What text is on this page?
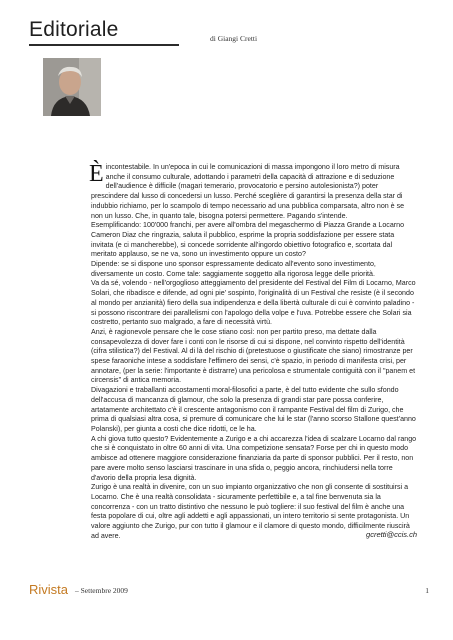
Editoriale	di Giangi Cretti
È incontestabile. In un'epoca in cui le comunicazioni di massa impongono il loro metro di misura anche il consumo culturale, adottando i parametri della capacità di attrazione e di seduzione dell'audience è difficile (magari temerario, provocatorio e persino autolesionista?) poter prescindere dal lusso di concedersi un lusso. Perché sceglière di garantirsi la presenza della star di indubbio richiamo, per lo scampolo di tempo necessario ad una pubblica comparsata, altro non è se non un lusso. Che, in quanto tale, bisogna potersi permettere. Pagando s'intende.

Esemplificando: 100'000 franchi, per avere all'ombra del megaschermo di Piazza Grande a Locarno Cameron Diaz che ringrazia, saluta il pubblico, esprime la propria soddisfazione per essere stata invitata (e ci mancherebbe), si concede sorridente all'ingordo obiettivo fotografico e, scortata dal meritato applauso, se ne va, sono un investimento oppure un costo?

Dipende: se si dispone uno sponsor espressamente dedicato all'evento sono investimento, diversamente un costo. Come tale: saggiamente soggetto alla rigorosa legge delle priorità.

Va da sé, volendo - nell'orgoglioso atteggiamento del presidente del Festival del Film di Locarno, Marco Solari, che ribadisce e difende, ad ogni pie' sospinto, l'originalità di un Festival che resiste (è il secondo al mondo per anzianità) fiero della sua indipendenza e della libertà culturale di cui è convinto paladino - si possono riscontrare dei parallelismi con l'apologo della volpe e l'uva. Potrebbe essere che Solari sia costretto, pertanto suo malgrado, a fare di necessità virtù.

Anzi, è ragionevole pensare che le cose stiano così: non per partito preso, ma dettate dalla consapevolezza di dover fare i conti con le risorse di cui si dispone, nel convinto rispetto dell'identità (cifra stilistica?) del Festival. Al di là del rischio di (pretestuose o giustificate che siano) rimostranze per spese faraoniche intese a soddisfare l'effimero dei sensi, c'è spazio, in periodo di manifesta crisi, per annotare, (per la serie: l'importante è distrarre) una pericolosa e strumentale contiguità con il "panem et circensis" di antica memoria.

Divagazioni e traballanti accostamenti moral-filosofici a parte, è del tutto evidente che sullo sfondo dell'accusa di mancanza di glamour, che solo la presenza di grandi star pare possa conferire, artatamente architettato c'è il crescente antagonismo con il rampante Festival del film di Zurigo, che prima di qualsiasi altra cosa, si premure di comunicare che lui le star (l'anno scorso Stallone quest'anno Polanski), per giunta a costi che dice ridotti, ce le ha.

A chi giova tutto questo? Evidentemente a Zurigo e a chi accarezza l'idea di scalzare Locarno dal rango che si è conquistato in oltre 60 anni di vita. Una competizione sensata? Forse per chi in questo modo ambisce ad ottenere maggiore considerazione finanziaria da parte di sponsor pubblici. Per il resto, non pare avere molto senso lasciarsi trascinare in una sfida o, peggio ancora, rinchiudersi nella torre d'avorio della propria lesa dignità.

Zurigo è una realtà in divenire, con un suo impianto organizzativo che non gli consente di sostituirsi a Locarno. Che è una realtà consolidata - sicuramente perfettibile e, a tal fine benvenuta sia la concorrenza - con un tratto distintivo che nessuno le può togliere: il suo festival del film è anche una festa popolare di cui, oltre agli addetti e agli appassionati, un intero territorio si sente protagonista. Un valore aggiunto che Zurigo, pur con tutto il glamour e il clamore di questo mondo, difficilmente riuscirà ad avere.	gcretti@ccis.ch
Rivista – Settembre 2009	1
